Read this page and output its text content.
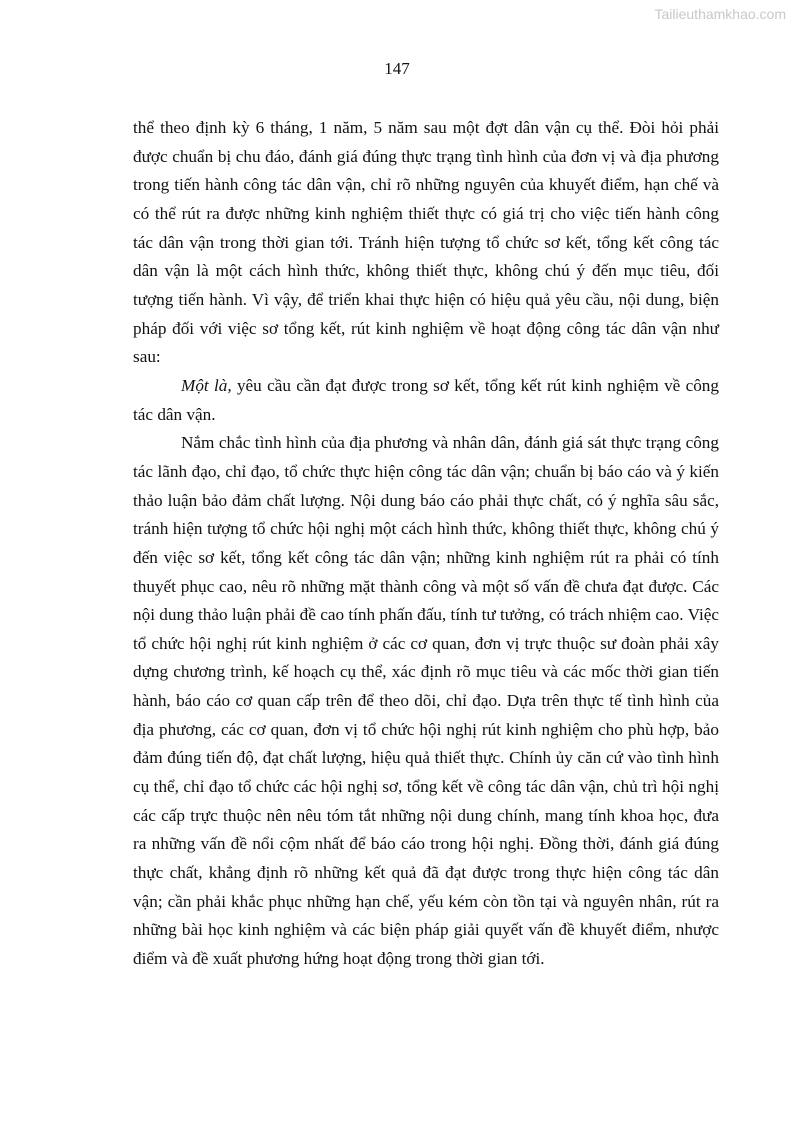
Tailieuthamkhao.com
147

thể theo định kỳ 6 tháng, 1 năm, 5 năm sau một đợt dân vận cụ thể. Đòi hỏi phải được chuẩn bị chu đáo, đánh giá đúng thực trạng tình hình của đơn vị và địa phương trong tiến hành công tác dân vận, chỉ rõ những nguyên của khuyết điểm, hạn chế và có thể rút ra được những kinh nghiệm thiết thực có giá trị cho việc tiến hành công tác dân vận trong thời gian tới. Tránh hiện tượng tổ chức sơ kết, tổng kết công tác dân vận là một cách hình thức, không thiết thực, không chú ý đến mục tiêu, đối tượng tiến hành. Vì vậy, để triển khai thực hiện có hiệu quả yêu cầu, nội dung, biện pháp đối với việc sơ tổng kết, rút kinh nghiệm về hoạt động công tác dân vận như sau:

Một là, yêu cầu cần đạt được trong sơ kết, tổng kết rút kinh nghiệm về công tác dân vận.

Nắm chắc tình hình của địa phương và nhân dân, đánh giá sát thực trạng công tác lãnh đạo, chỉ đạo, tổ chức thực hiện công tác dân vận; chuẩn bị báo cáo và ý kiến thảo luận bảo đảm chất lượng. Nội dung báo cáo phải thực chất, có ý nghĩa sâu sắc, tránh hiện tượng tổ chức hội nghị một cách hình thức, không thiết thực, không chú ý đến việc sơ kết, tổng kết công tác dân vận; những kinh nghiệm rút ra phải có tính thuyết phục cao, nêu rõ những mặt thành công và một số vấn đề chưa đạt được. Các nội dung thảo luận phải đề cao tính phấn đấu, tính tư tưởng, có trách nhiệm cao. Việc tổ chức hội nghị rút kinh nghiệm ở các cơ quan, đơn vị trực thuộc sư đoàn phải xây dựng chương trình, kế hoạch cụ thể, xác định rõ mục tiêu và các mốc thời gian tiến hành, báo cáo cơ quan cấp trên để theo dõi, chỉ đạo. Dựa trên thực tế tình hình của địa phương, các cơ quan, đơn vị tổ chức hội nghị rút kinh nghiệm cho phù hợp, bảo đảm đúng tiến độ, đạt chất lượng, hiệu quả thiết thực. Chính ủy căn cứ vào tình hình cụ thể, chỉ đạo tổ chức các hội nghị sơ, tổng kết về công tác dân vận, chủ trì hội nghị các cấp trực thuộc nên nêu tóm tắt những nội dung chính, mang tính khoa học, đưa ra những vấn đề nổi cộm nhất để báo cáo trong hội nghị. Đồng thời, đánh giá đúng thực chất, khẳng định rõ những kết quả đã đạt được trong thực hiện công tác dân vận; cần phải khắc phục những hạn chế, yếu kém còn tồn tại và nguyên nhân, rút ra những bài học kinh nghiệm và các biện pháp giải quyết vấn đề khuyết điểm, nhược điểm và đề xuất phương hứng hoạt động trong thời gian tới.
